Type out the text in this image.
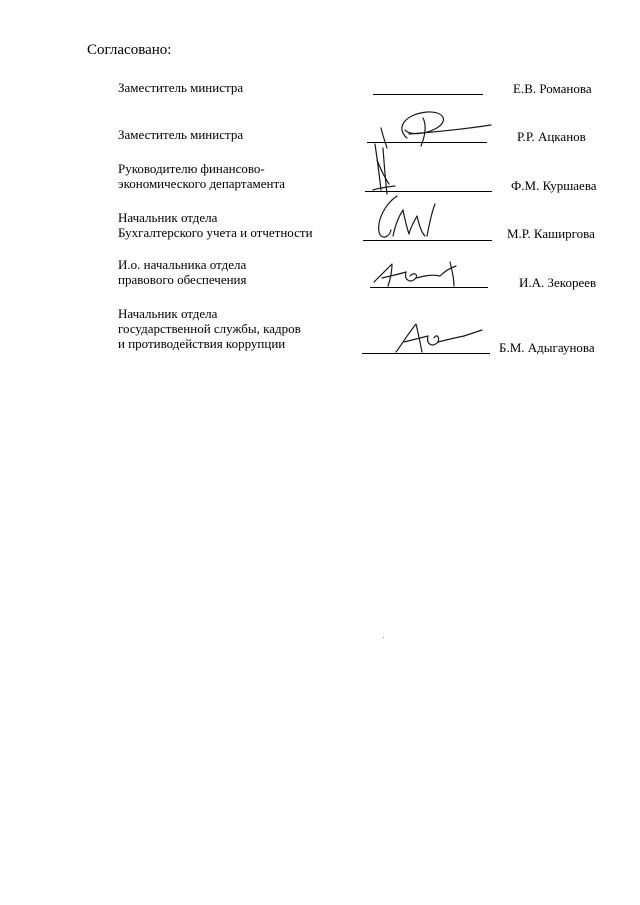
Согласовано:
Заместитель министра	Е.В. Романова
Заместитель министра	Р.Р. Ацканов
Руководителю финансово-
экономического департамента	Ф.М. Куршаева
Начальник отдела
Бухгалтерского учета и отчетности	М.Р. Каширгова
И.о. начальника отдела
правового обеспечения	И.А. Зекореев
Начальник отдела
государственной службы, кадров
и противодействия коррупции	Б.М. Адыгаунова
